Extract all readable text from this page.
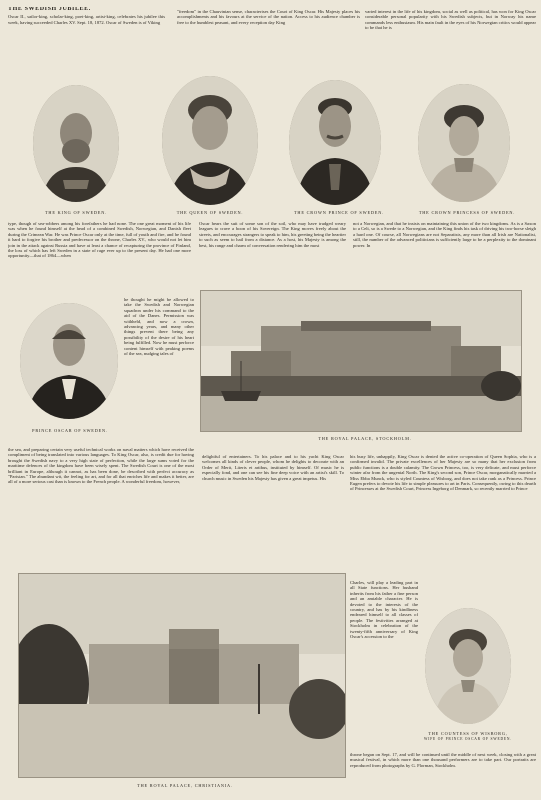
THE SWEDISH JUBILEE.
Oscar II., sailor-king, scholar-king, poet-king, artist-king, celebrates his jubilee this week, having succeeded Charles XV. Sept. 18, 1872. Oscar of Sweden is of Viking
"freedom" in the Chauvinian sense, characterises the Court of King Oscar. His Majesty places his accomplishments and his favours at the service of the nation. Access to his audience chamber is free to the humblest peasant, and every reception day King
varied interest in the life of his kingdom, social as well as political, has won for King Oscar considerable personal popularity with his Swedish subjects, but in Norway his name commands less enthusiasm. His main fault in the eyes of his Norwegian critics would appear to be that he is
THE KING OF SWEDEN.	THE QUEEN OF SWEDEN.	THE CROWN PRINCE OF SWEDEN.	THE CROWN PRINCESS OF SWEDEN.
type, though of sea-robbers among his forefathers he had none. The one great moment of his life was when he found himself at the head of a combined Swedish, Norwegian, and Danish fleet during the Crimean War. He was Prince Oscar only at the time, full of youth and fire, and he found it hard to forgive his brother and predecessor on the throne, Charles XV., who would not let him join in the attack against Russia and have at least a chance of recapturing the province of Finland, the loss of which has left Sweden in a state of rage ever up to the present day. He had one more opportunity—that of 1864—when
Oscar hears the suit of some son of the soil, who may have trudged weary leagues to crave a boon of his Sovereign. The King moves freely about the streets, and encourages strangers to speak to him, his greeting being the heartier to such as seem to hail from a distance. As a host, his Majesty is among the best, his range and charm of conversation rendering him the most
not a Norwegian, and that he insists on maintaining this union of the two kingdoms. As is a Saxon to a Celt, so is a Swede to a Norwegian, and the King finds his task of driving his two-horse sleigh a hard one. Of course, all Norwegians are not Separatists, any more than all Irish are Nationalist, still, the number of the advanced politicians is sufficiently large to be a perplexity to the dominant power. In
PRINCE OSCAR OF SWEDEN.
he thought he might be allowed to take the Swedish and Norwegian squadron under his command to the aid of the Danes. Permission was withheld, and now a crown, advancing years, and many other things prevent there being any possibility of the desire of his heart being fulfilled. Now he must perforce content himself with peaking poems of the sea, nudging tales of
THE ROYAL PALACE, STOCKHOLM.
the sea, and preparing certain very useful technical works on naval matters which have received the compliment of being translated into various languages. To King Oscar, also, is credit due for having brought the Swedish navy to a very high state of perfection, while the large sums voted for the maritime defences of the kingdom have been wisely spent. The Swedish Court is one of the most brilliant in Europe, although it cannot, as has been done, be described with perfect accuracy as "Parisian." The abundant wit, the feeling for art, and for all that enriches life and makes it better, are all of a more serious cast than is known to the French people. A wonderful freedom, however,
delightful of entertainers. To his palace and to his yacht King Oscar welcomes all kinds of clever people, whom he delights to decorate with an Order of Merit, Literis et artibus, instituted by himself. Of music he is especially fond, and one can see his fine deep voice with an artist's skill. To church music in Sweden his Majesty has given a great impetus. His
his busy life, unhappily, King Oscar is denied the active co-operation of Queen Sophia, who is a confirmed invalid. The private excellences of her Majesty are so many that her exclusion from public functions is a double calamity. The Crown Princess, too, is very delicate, and must perforce winter afar from the ungenial North. The King's second son, Prince Oscar, morganatically married a Miss Ebba Munck, who is styled Countess of Wisborg, and does not take rank as a Princess. Prince Eugen prefers to devote his life to simple pleasures to art in Paris. Consequently, owing to this dearth of Princesses at the Swedish Court, Princess Ingeborg of Denmark, so recently married to Prince
THE ROYAL PALACE, CHRISTIANIA.
Charles, will play a leading part in all State functions. Her husband inherits from his father a fine person and an amiable character. He is devoted to the interests of the country, and has by his kindliness endeared himself to all classes of people. The festivities arranged at Stockholm in celebration of the twenty-fifth anniversary of King Oscar's accession to the
THE COUNTESS OF WISBORG,
WIFE OF PRINCE OSCAR OF SWEDEN.
throne began on Sept. 17, and will be continued until the middle of next week, closing with a great musical festival, in which more than one thousand performers are to take part. Our portraits are reproduced from photographs by G. Florman, Stockholm.
